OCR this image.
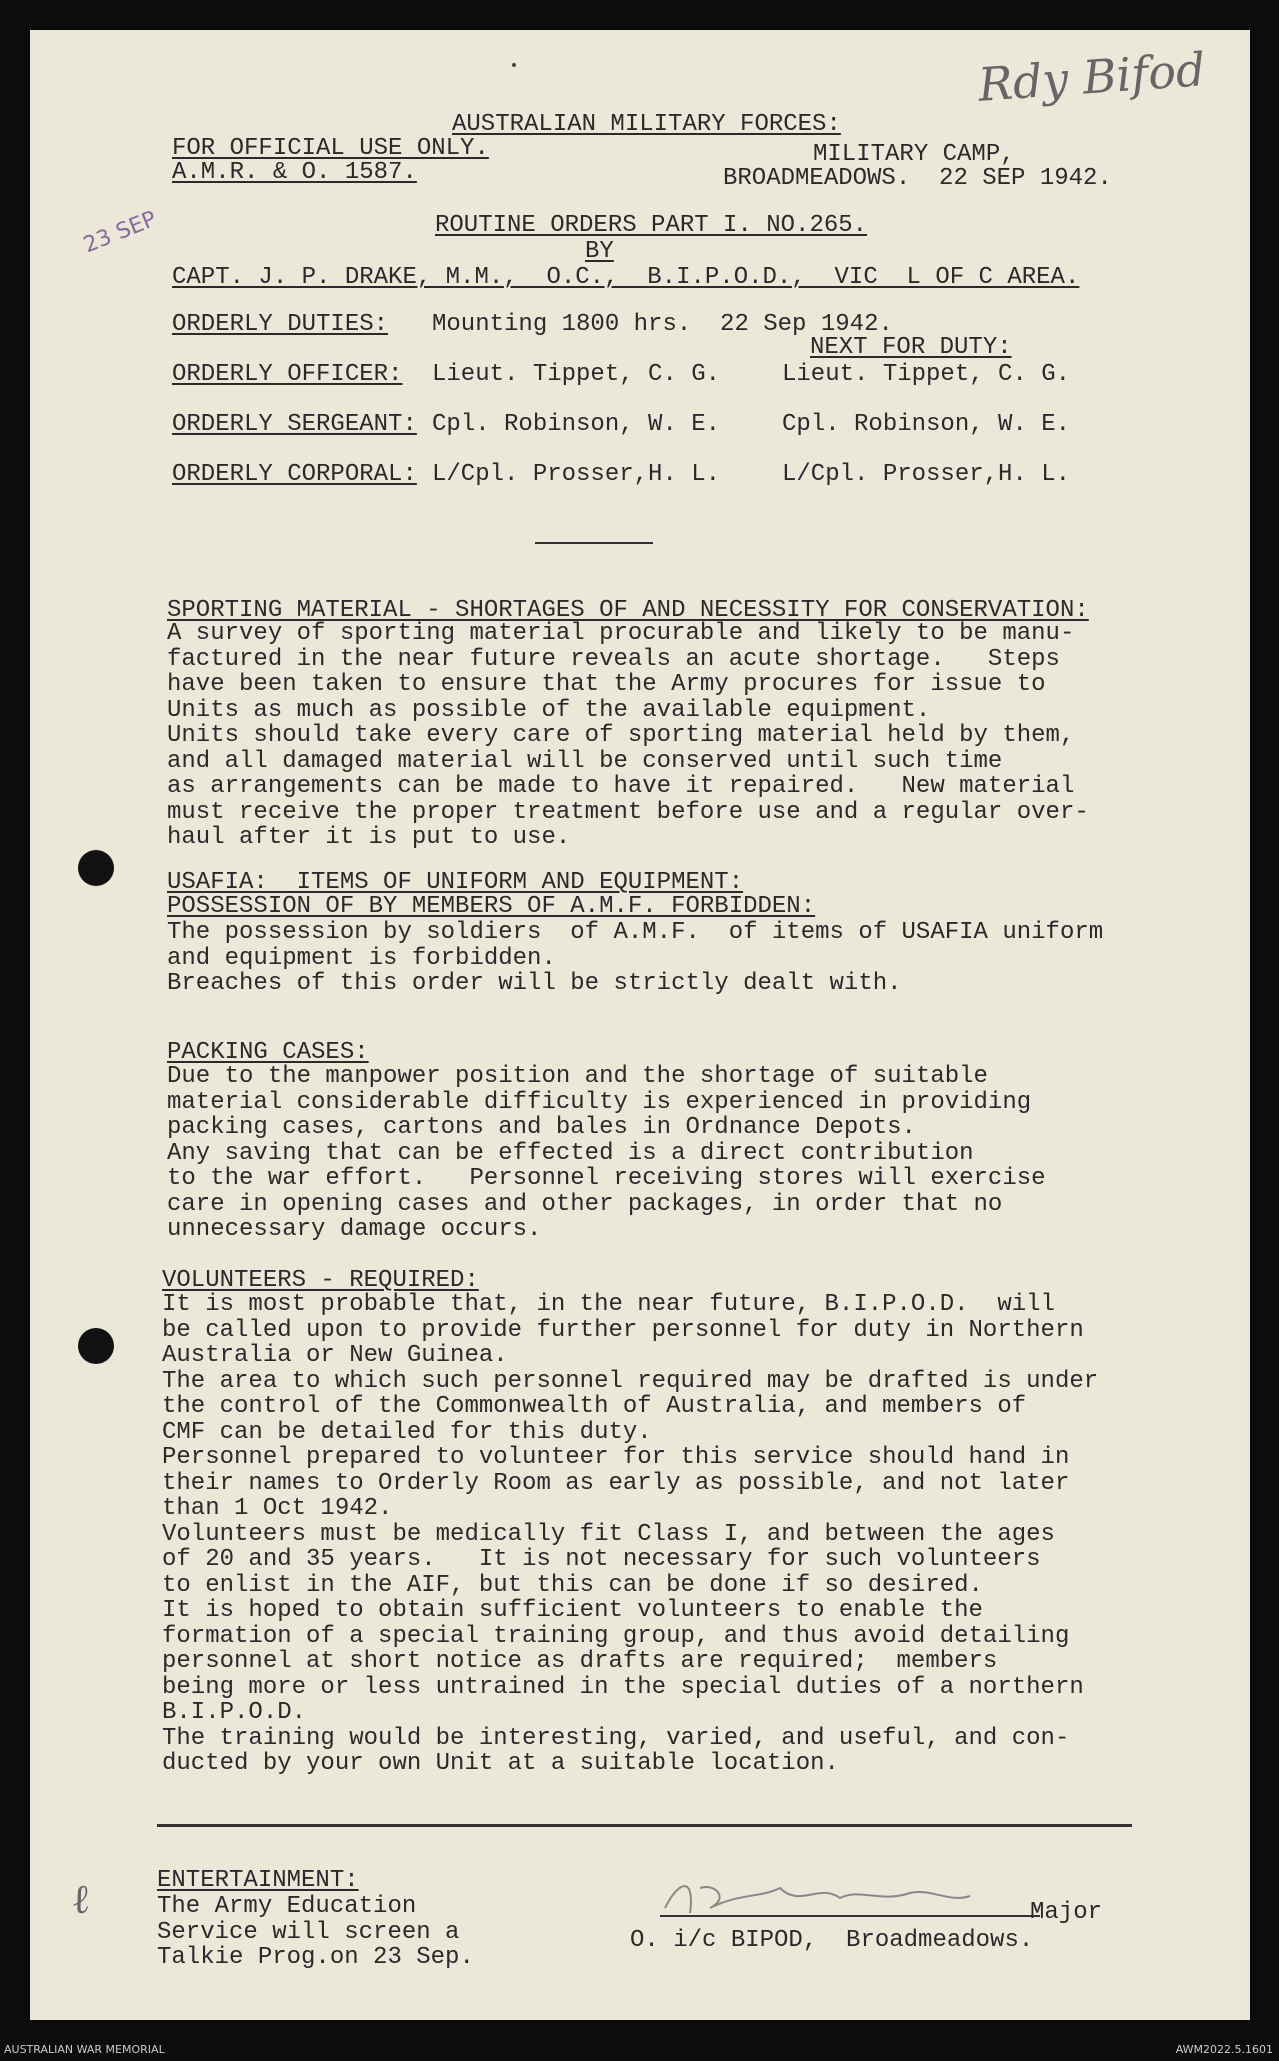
Rdy Bifod
23 SEP
AUSTRALIAN MILITARY FORCES:
FOR OFFICIAL USE ONLY.
A.M.R. & O. 1587.
MILITARY CAMP,
BROADMEADOWS.  22 SEP 1942.
ROUTINE ORDERS PART I. NO.265.
BY
CAPT. J. P. DRAKE, M.M.,  O.C.,  B.I.P.O.D.,  VIC  L OF C AREA.
ORDERLY DUTIES: Mounting 1800 hrs.  22 Sep 1942.
NEXT FOR DUTY:
ORDERLY OFFICER: Lieut. Tippet, C. G.	Lieut. Tippet, C. G.
ORDERLY SERGEANT: Cpl. Robinson, W. E.	Cpl. Robinson, W. E.
ORDERLY CORPORAL: L/Cpl. Prosser,H. L.	L/Cpl. Prosser,H. L.
SPORTING MATERIAL - SHORTAGES OF AND NECESSITY FOR CONSERVATION:
A survey of sporting material procurable and likely to be manu-
factured in the near future reveals an acute shortage.   Steps
have been taken to ensure that the Army procures for issue to
Units as much as possible of the available equipment.
Units should take every care of sporting material held by them,
and all damaged material will be conserved until such time
as arrangements can be made to have it repaired.   New material
must receive the proper treatment before use and a regular over-
haul after it is put to use.
USAFIA:  ITEMS OF UNIFORM AND EQUIPMENT:
POSSESSION OF BY MEMBERS OF A.M.F. FORBIDDEN:
The possession by soldiers  of A.M.F.  of items of USAFIA uniform
and equipment is forbidden.
Breaches of this order will be strictly dealt with.
PACKING CASES:
Due to the manpower position and the shortage of suitable
material considerable difficulty is experienced in providing
packing cases, cartons and bales in Ordnance Depots.
Any saving that can be effected is a direct contribution
to the war effort.   Personnel receiving stores will exercise
care in opening cases and other packages, in order that no
unnecessary damage occurs.
VOLUNTEERS - REQUIRED:
It is most probable that, in the near future, B.I.P.O.D.  will
be called upon to provide further personnel for duty in Northern
Australia or New Guinea.
The area to which such personnel required may be drafted is under
the control of the Commonwealth of Australia, and members of
CMF can be detailed for this duty.
Personnel prepared to volunteer for this service should hand in
their names to Orderly Room as early as possible, and not later
than 1 Oct 1942.
Volunteers must be medically fit Class I, and between the ages
of 20 and 35 years.   It is not necessary for such volunteers
to enlist in the AIF, but this can be done if so desired.
It is hoped to obtain sufficient volunteers to enable the
formation of a special training group, and thus avoid detailing
personnel at short notice as drafts are required;  members
being more or less untrained in the special duties of a northern
B.I.P.O.D.
The training would be interesting, varied, and useful, and con-
ducted by your own Unit at a suitable location.
ENTERTAINMENT:
The Army Education
Service will screen a
Talkie Prog.on 23 Sep.
ℓ	Major
O. i/c BIPOD,  Broadmeadows.
AUSTRALIAN WAR MEMORIAL	AWM2022.5.1601
